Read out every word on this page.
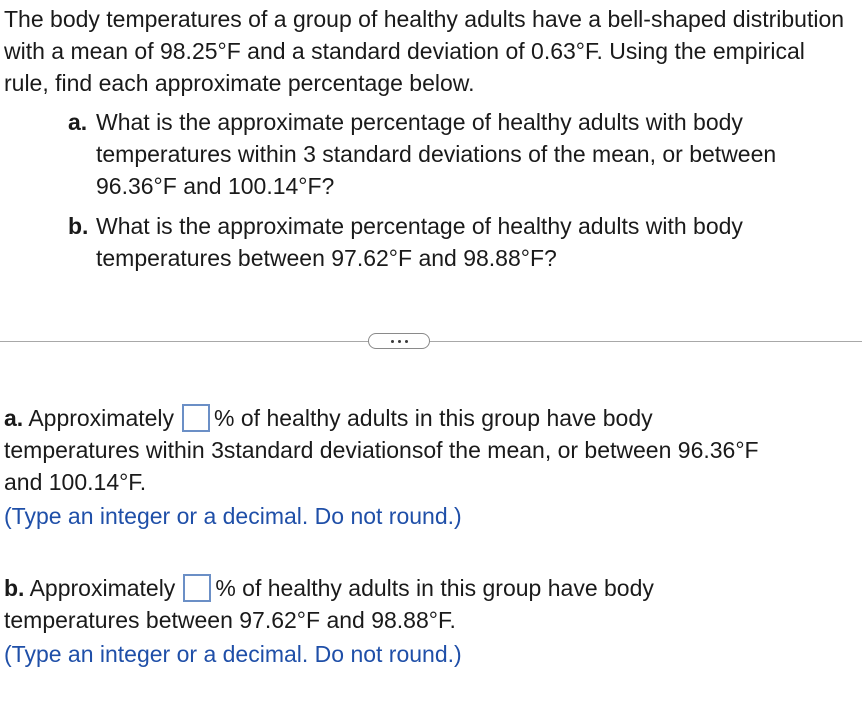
The body temperatures of a group of healthy adults have a bell-shaped distribution with a mean of 98.25°F and a standard deviation of 0.63°F. Using the empirical rule, find each approximate percentage below.

a. What is the approximate percentage of healthy adults with body temperatures within 3 standard deviations of the mean, or between 96.36°F and 100.14°F?
b. What is the approximate percentage of healthy adults with body temperatures between 97.62°F and 98.88°F?
a. Approximately % of healthy adults in this group have body
temperatures within 3standard deviationsof the mean, or between 96.36°F
and 100.14°F.
(Type an integer or a decimal. Do not round.)
b. Approximately % of healthy adults in this group have body
temperatures between 97.62°F and 98.88°F.
(Type an integer or a decimal. Do not round.)
